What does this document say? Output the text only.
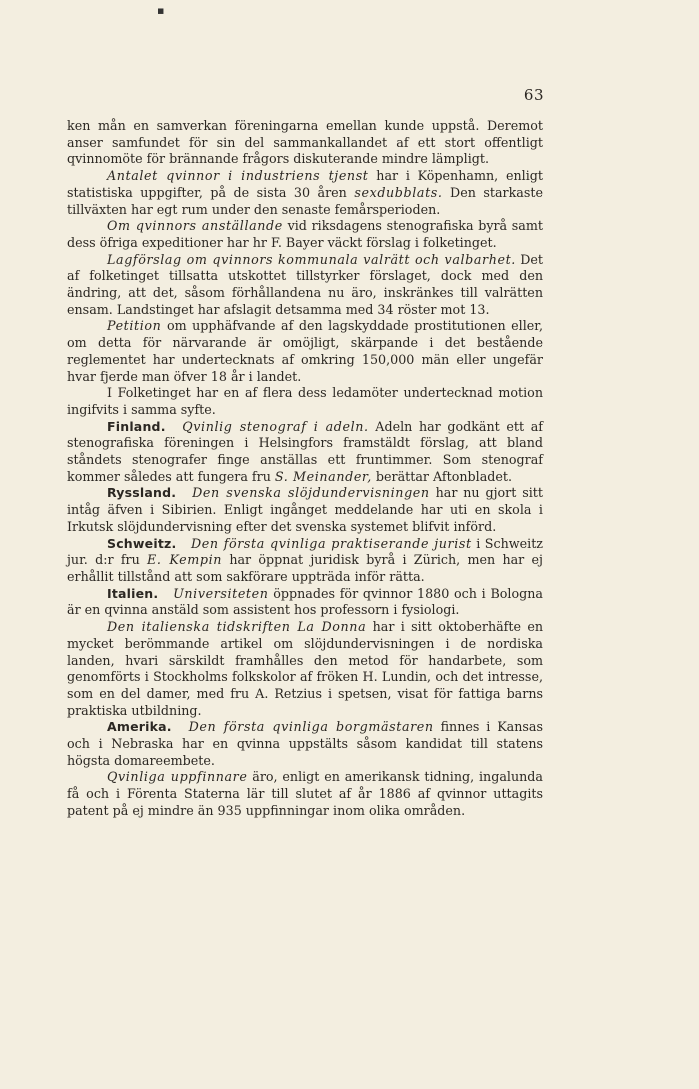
▪
63

ken mån en samverkan föreningarna emellan kunde uppstå. Deremot anser samfundet för sin del sammankallandet af ett stort offentligt qvinnomöte för brännande frågors diskuterande mindre lämpligt.

Antalet qvinnor i industriens tjenst har i Köpenhamn, enligt statistiska uppgifter, på de sista 30 åren sexdubblats. Den starkaste tillväxten har egt rum under den senaste femårsperioden.

Om qvinnors anställande vid riksdagens stenografiska byrå samt dess öfriga expeditioner har hr F. Bayer väckt förslag i folketinget.

Lagförslag om qvinnors kommunala valrätt och valbarhet. Det af folketinget tillsatta utskottet tillstyrker förslaget, dock med den ändring, att det, såsom förhållandena nu äro, inskränkes till valrätten ensam. Landstinget har afslagit detsamma med 34 röster mot 13.

Petition om upphäfvande af den lagskyddade prostitutionen eller, om detta för närvarande är omöjligt, skärpande i det bestående reglementet har undertecknats af omkring 150,000 män eller ungefär hvar fjerde man öfver 18 år i landet.

I Folketinget har en af flera dess ledamöter undertecknad motion ingifvits i samma syfte.

Finland. Qvinlig stenograf i adeln. Adeln har godkänt ett af stenografiska föreningen i Helsingfors framstäldt förslag, att bland ståndets stenografer finge anställas ett fruntimmer. Som stenograf kommer således att fungera fru S. Meinander, berättar Aftonbladet.

Ryssland. Den svenska slöjdundervisningen har nu gjort sitt intåg äfven i Sibirien. Enligt ingånget meddelande har uti en skola i Irkutsk slöjdundervisning efter det svenska systemet blifvit införd.

Schweitz. Den första qvinliga praktiserande jurist i Schweitz jur. d:r fru E. Kempin har öppnat juridisk byrå i Zürich, men har ej erhållit tillstånd att som sakförare uppträda inför rätta.

Italien. Universiteten öppnades för qvinnor 1880 och i Bologna är en qvinna anstäld som assistent hos professorn i fysiologi.

Den italienska tidskriften La Donna har i sitt oktoberhäfte en mycket berömmande artikel om slöjdundervisningen i de nordiska landen, hvari särskildt framhålles den metod för handarbete, som genomförts i Stockholms folkskolor af fröken H. Lundin, och det intresse, som en del damer, med fru A. Retzius i spetsen, visat för fattiga barns praktiska utbildning.

Amerika. Den första qvinliga borgmästaren finnes i Kansas och i Nebraska har en qvinna uppstälts såsom kandidat till statens högsta domareembete.

Qvinliga uppfinnare äro, enligt en amerikansk tidning, ingalunda få och i Förenta Staterna lär till slutet af år 1886 af qvinnor uttagits patent på ej mindre än 935 uppfinningar inom olika områden.
